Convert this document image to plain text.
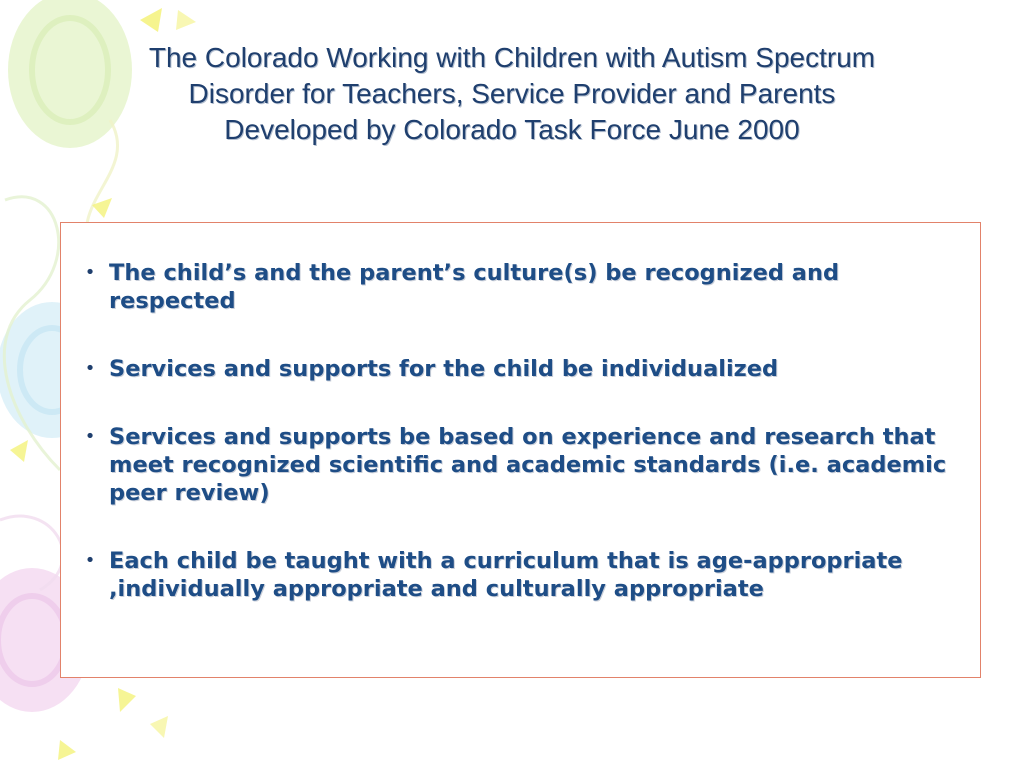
The Colorado Working with Children with Autism Spectrum
Disorder for Teachers, Service Provider and Parents
Developed by Colorado Task Force June 2000
• The child’s and the parent’s culture(s) be recognized and respected
• Services and supports for the child be individualized
• Services and supports be based on experience and research that meet recognized scientific and academic standards (i.e. academic peer review)
• Each child be taught with a curriculum that is age-appropriate ,individually appropriate and culturally appropriate
